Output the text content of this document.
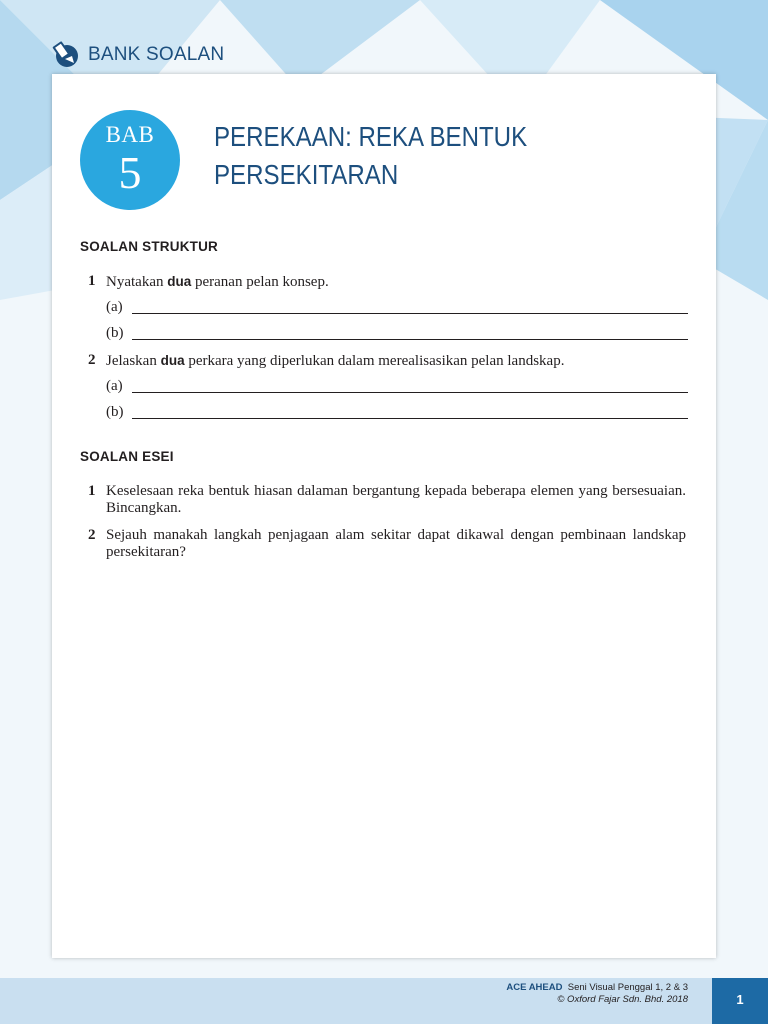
BANK SOALAN
BAB
5
PEREKAAN: REKA BENTUK
PERSEKITARAN
SOALAN STRUKTUR
1 Nyatakan dua peranan pelan konsep.
(a)
(b)
2 Jelaskan dua perkara yang diperlukan dalam merealisasikan pelan landskap.
(a)
(b)
SOALAN ESEI
1 Keselesaan reka bentuk hiasan dalaman bergantung kepada beberapa elemen yang bersesuaian. Bincangkan.
2 Sejauh manakah langkah penjagaan alam sekitar dapat dikawal dengan pembinaan landskap persekitaran?
ACE AHEAD Seni Visual Penggal 1, 2 & 3
© Oxford Fajar Sdn. Bhd. 2018	1
